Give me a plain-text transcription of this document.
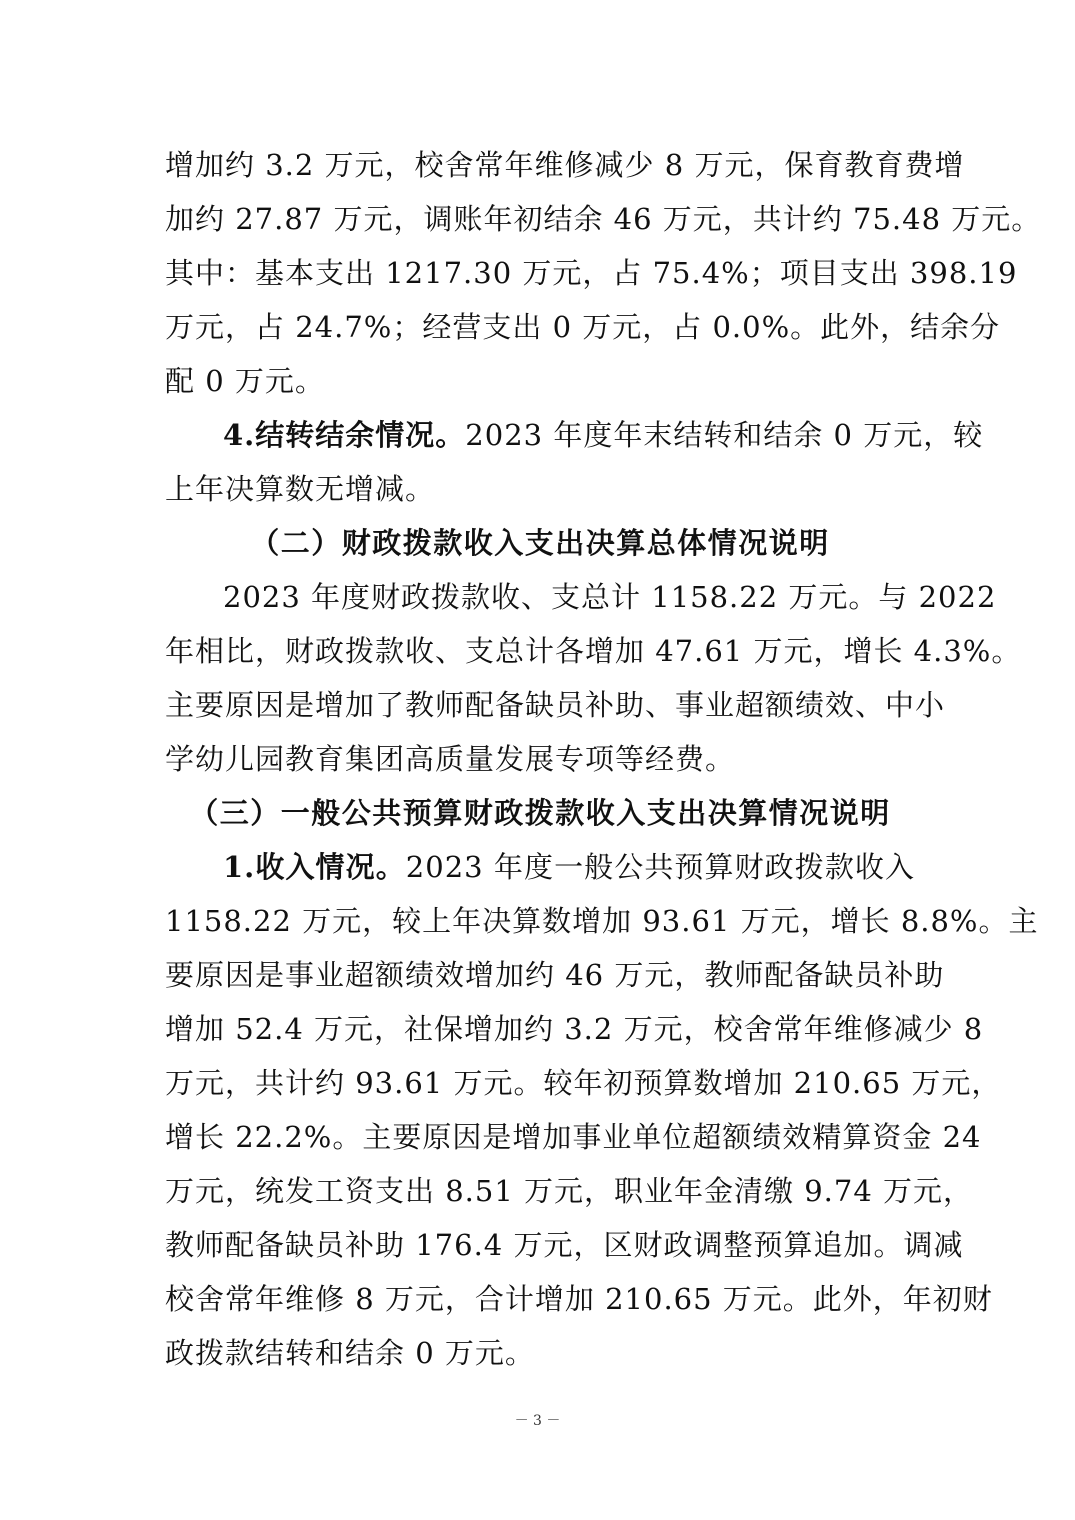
增加约 3.2 万元，校舍常年维修减少 8 万元，保育教育费增
加约 27.87 万元，调账年初结余 46 万元，共计约 75.48 万元。
其中：基本支出 1217.30 万元，占 75.4%；项目支出 398.19
万元，占 24.7%；经营支出 0 万元，占 0.0%。此外，结余分
配 0 万元。
4.结转结余情况。2023 年度年末结转和结余 0 万元，较
上年决算数无增减。
（二）财政拨款收入支出决算总体情况说明
2023 年度财政拨款收、支总计 1158.22 万元。与 2022
年相比，财政拨款收、支总计各增加 47.61 万元，增长 4.3%。
主要原因是增加了教师配备缺员补助、事业超额绩效、中小
学幼儿园教育集团高质量发展专项等经费。
（三）一般公共预算财政拨款收入支出决算情况说明
1.收入情况。2023 年度一般公共预算财政拨款收入
1158.22 万元，较上年决算数增加 93.61 万元，增长 8.8%。主
要原因是事业超额绩效增加约 46 万元，教师配备缺员补助
增加 52.4 万元，社保增加约 3.2 万元，校舍常年维修减少 8
万元，共计约 93.61 万元。较年初预算数增加 210.65 万元，
增长 22.2%。主要原因是增加事业单位超额绩效精算资金 24
万元，统发工资支出 8.51 万元，职业年金清缴 9.74 万元，
教师配备缺员补助 176.4 万元，区财政调整预算追加。调减
校舍常年维修 8 万元，合计增加 210.65 万元。此外，年初财
政拨款结转和结余 0 万元。
－ 3 －
